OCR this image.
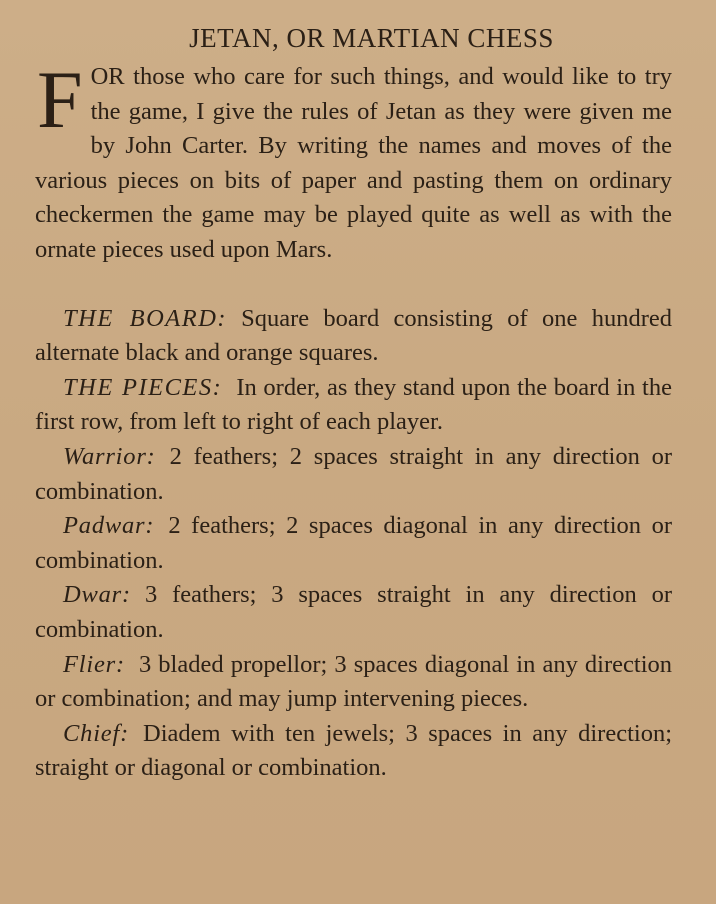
JETAN, OR MARTIAN CHESS
F OR those who care for such things, and would like to try the game, I give the rules of Jetan as they were given me by John Carter. By writing the names and moves of the various pieces on bits of paper and pasting them on ordinary checkermen the game may be played quite as well as with the ornate pieces used upon Mars.

THE BOARD: Square board consisting of one hundred alternate black and orange squares.

THE PIECES: In order, as they stand upon the board in the first row, from left to right of each player.

Warrior: 2 feathers; 2 spaces straight in any direction or combination.

Padwar: 2 feathers; 2 spaces diagonal in any direction or combination.

Dwar: 3 feathers; 3 spaces straight in any direction or combination.

Flier: 3 bladed propellor; 3 spaces diagonal in any direction or combination; and may jump intervening pieces.

Chief: Diadem with ten jewels; 3 spaces in any direction; straight or diagonal or combination.
